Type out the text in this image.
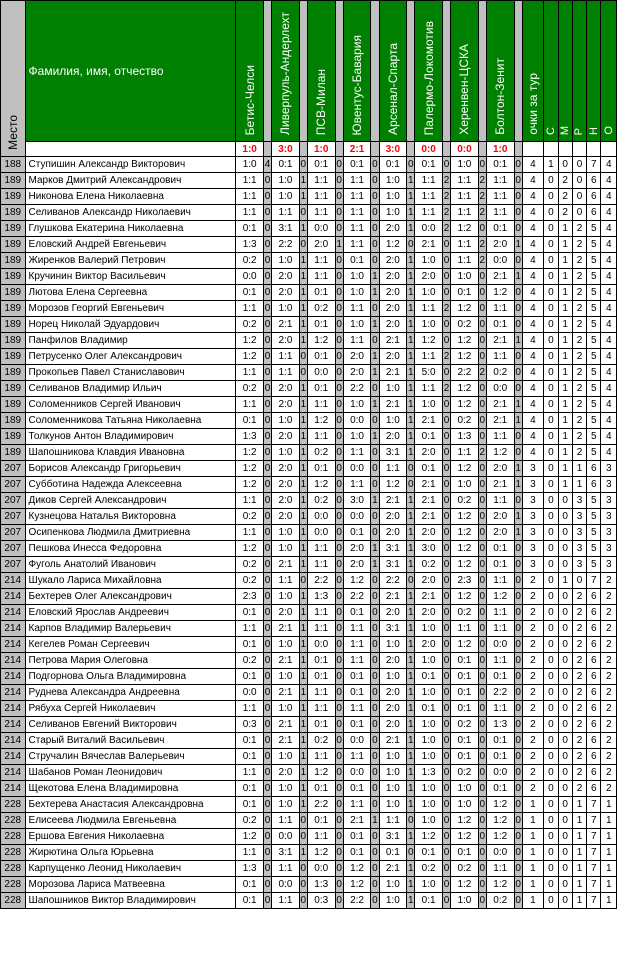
Место	Фамилия, имя, отчество	Бетис-Челси		Ливерпуль-Андерлехт		ПСВ-Милан		Ювентус-Бавария		Арсенал-Спарта		Палермо-Локомотив		Херенвен-ЦСКА		Болтон-Зенит		очки за тур	С	М	Р	Н	О
		1:0		3:0		1:0		2:1		3:0		0:0		0:0		1:0							
188	Ступишин Александр Викторович	1:0	4	0:1	0	0:1	0	0:1	0	0:1	0	0:1	0	1:0	0	0:1	0	4	1	0	0	7	4
189	Марков Дмитрий Александрович	1:1	0	1:0	1	1:1	0	1:1	0	1:0	1	1:1	2	1:1	2	1:1	0	4	0	2	0	6	4
189	Никонова Елена Николаевна	1:1	0	1:0	1	1:1	0	1:1	0	1:0	1	1:1	2	1:1	2	1:1	0	4	0	2	0	6	4
189	Селиванов Александр Николаевич	1:1	0	1:1	0	1:1	0	1:1	0	1:0	1	1:1	2	1:1	2	1:1	0	4	0	2	0	6	4
189	Глушкова Екатерина Николаевна	0:1	0	3:1	1	0:0	0	1:1	0	2:0	1	0:0	2	1:2	0	0:1	0	4	0	1	2	5	4
189	Еловский Андрей Евгеньевич	1:3	0	2:2	0	2:0	1	1:1	0	1:2	0	2:1	0	1:1	2	2:0	1	4	0	1	2	5	4
189	Жиренков Валерий Петрович	0:2	0	1:0	1	1:1	0	0:1	0	2:0	1	1:0	0	1:1	2	0:0	0	4	0	1	2	5	4
189	Кручинин Виктор Васильевич	0:0	0	2:0	1	1:1	0	1:0	1	2:0	1	2:0	0	1:0	0	2:1	1	4	0	1	2	5	4
189	Лютова Елена Сергеевна	0:1	0	2:0	1	0:1	0	1:0	1	2:0	1	1:0	0	0:1	0	1:2	0	4	0	1	2	5	4
189	Морозов Георгий Евгеньевич	1:1	0	1:0	1	0:2	0	1:1	0	2:0	1	1:1	2	1:2	0	1:1	0	4	0	1	2	5	4
189	Норец Николай Эдуардович	0:2	0	2:1	1	0:1	0	1:0	1	2:0	1	1:0	0	0:2	0	0:1	0	4	0	1	2	5	4
189	Панфилов Владимир	1:2	0	2:0	1	1:2	0	1:1	0	2:1	1	1:2	0	1:2	0	2:1	1	4	0	1	2	5	4
189	Петрусенко Олег Александрович	1:2	0	1:1	0	0:1	0	2:0	1	2:0	1	1:1	2	1:2	0	1:1	0	4	0	1	2	5	4
189	Прокопьев Павел Станиславович	1:1	0	1:1	0	0:0	0	2:0	1	2:1	1	5:0	0	2:2	2	0:2	0	4	0	1	2	5	4
189	Селиванов Владимир Ильич	0:2	0	2:0	1	0:1	0	2:2	0	1:0	1	1:1	2	1:2	0	0:0	0	4	0	1	2	5	4
189	Соломенников Сергей Иванович	1:1	0	2:0	1	1:1	0	1:0	1	2:1	1	1:0	0	1:2	0	2:1	1	4	0	1	2	5	4
189	Соломенникова Татьяна Николаевна	0:1	0	1:0	1	1:2	0	0:0	0	1:0	1	2:1	0	0:2	0	2:1	1	4	0	1	2	5	4
189	Толкунов Антон Владимирович	1:3	0	2:0	1	1:1	0	1:0	1	2:0	1	0:1	0	1:3	0	1:1	0	4	0	1	2	5	4
189	Шапошникова Клавдия Ивановна	1:2	0	1:0	1	0:2	0	1:1	0	3:1	1	2:0	0	1:1	2	1:2	0	4	0	1	2	5	4
207	Борисов Александр Григорьевич	1:2	0	2:0	1	0:1	0	0:0	0	1:1	0	0:1	0	1:2	0	2:0	1	3	0	1	1	6	3
207	Субботина Надежда Алексеевна	1:2	0	2:0	1	1:2	0	1:1	0	1:2	0	2:1	0	1:0	0	2:1	1	3	0	1	1	6	3
207	Диков Сергей Александрович	1:1	0	2:0	1	0:2	0	3:0	1	2:1	1	2:1	0	0:2	0	1:1	0	3	0	0	3	5	3
207	Кузнецова Наталья Викторовна	0:2	0	2:0	1	0:0	0	0:0	0	2:0	1	2:1	0	1:2	0	2:0	1	3	0	0	3	5	3
207	Осипенкова Людмила Дмитриевна	1:1	0	1:0	1	0:0	0	0:1	0	2:0	1	2:0	0	1:2	0	2:0	1	3	0	0	3	5	3
207	Пешкова Инесса Федоровна	1:2	0	1:0	1	1:1	0	2:0	1	3:1	1	3:0	0	1:2	0	0:1	0	3	0	0	3	5	3
207	Фуголь Анатолий Иванович	0:2	0	2:1	1	1:1	0	2:0	1	3:1	1	0:2	0	1:2	0	0:1	0	3	0	0	3	5	3
214	Шукало Лариса Михайловна	0:2	0	1:1	0	2:2	0	1:2	0	2:2	0	2:0	0	2:3	0	1:1	0	2	0	1	0	7	2
214	Бехтерев Олег Александрович	2:3	0	1:0	1	1:3	0	2:2	0	2:1	1	2:1	0	1:2	0	1:2	0	2	0	0	2	6	2
214	Еловский Ярослав Андреевич	0:1	0	2:0	1	1:1	0	0:1	0	2:0	1	2:0	0	0:2	0	1:1	0	2	0	0	2	6	2
214	Карпов Владимир Валерьевич	1:1	0	2:1	1	1:1	0	1:1	0	3:1	1	1:0	0	1:1	0	1:1	0	2	0	0	2	6	2
214	Кегелев Роман Сергеевич	0:1	0	1:0	1	0:0	0	1:1	0	1:0	1	2:0	0	1:2	0	0:0	0	2	0	0	2	6	2
214	Петрова Мария Олеговна	0:2	0	2:1	1	0:1	0	1:1	0	2:0	1	1:0	0	0:1	0	1:1	0	2	0	0	2	6	2
214	Подгорнова Ольга Владимировна	0:1	0	1:0	1	0:1	0	0:1	0	1:0	1	0:1	0	0:1	0	0:1	0	2	0	0	2	6	2
214	Руднева Александра Андреевна	0:0	0	2:1	1	1:1	0	0:1	0	2:0	1	1:0	0	0:1	0	2:2	0	2	0	0	2	6	2
214	Рябуха Сергей Николаевич	1:1	0	1:0	1	1:1	0	1:1	0	2:0	1	0:1	0	0:1	0	1:1	0	2	0	0	2	6	2
214	Селиванов Евгений Викторович	0:3	0	2:1	1	0:1	0	0:1	0	2:0	1	1:0	0	0:2	0	1:3	0	2	0	0	2	6	2
214	Старый Виталий Васильевич	0:1	0	2:1	1	0:2	0	0:0	0	2:1	1	1:0	0	0:1	0	0:1	0	2	0	0	2	6	2
214	Стручалин Вячеслав Валерьевич	0:1	0	1:0	1	1:1	0	1:1	0	1:0	1	1:0	0	0:1	0	0:1	0	2	0	0	2	6	2
214	Шабанов Роман Леонидович	1:1	0	2:0	1	1:2	0	0:0	0	1:0	1	1:3	0	0:2	0	0:0	0	2	0	0	2	6	2
214	Щекотова Елена Владимировна	0:1	0	1:0	1	0:1	0	0:1	0	1:0	1	1:0	0	1:0	0	0:1	0	2	0	0	2	6	2
228	Бехтерева Анастасия Александровна	0:1	0	1:0	1	2:2	0	1:1	0	1:0	1	1:0	0	1:0	0	1:2	0	1	0	0	1	7	1
228	Елисеева Людмила Евгеньевна	0:2	0	1:1	0	0:1	0	2:1	1	1:1	0	1:0	0	1:2	0	1:2	0	1	0	0	1	7	1
228	Ершова Евгения Николаевна	1:2	0	0:0	0	1:1	0	0:1	0	3:1	1	1:2	0	1:2	0	1:2	0	1	0	0	1	7	1
228	Жирютина Ольга Юрьевна	1:1	0	3:1	1	1:2	0	0:1	0	0:1	0	0:1	0	0:1	0	0:0	0	1	0	0	1	7	1
228	Карпущенко Леонид Николаевич	1:3	0	1:1	0	0:0	0	1:2	0	2:1	1	0:2	0	0:2	0	1:1	0	1	0	0	1	7	1
228	Морозова Лариса Матвеевна	0:1	0	0:0	0	1:3	0	1:2	0	1:0	1	1:0	0	1:2	0	1:2	0	1	0	0	1	7	1
228	Шапошников Виктор Владимирович	0:1	0	1:1	0	0:3	0	2:2	0	1:0	1	0:1	0	1:0	0	0:2	0	1	0	0	1	7	1
